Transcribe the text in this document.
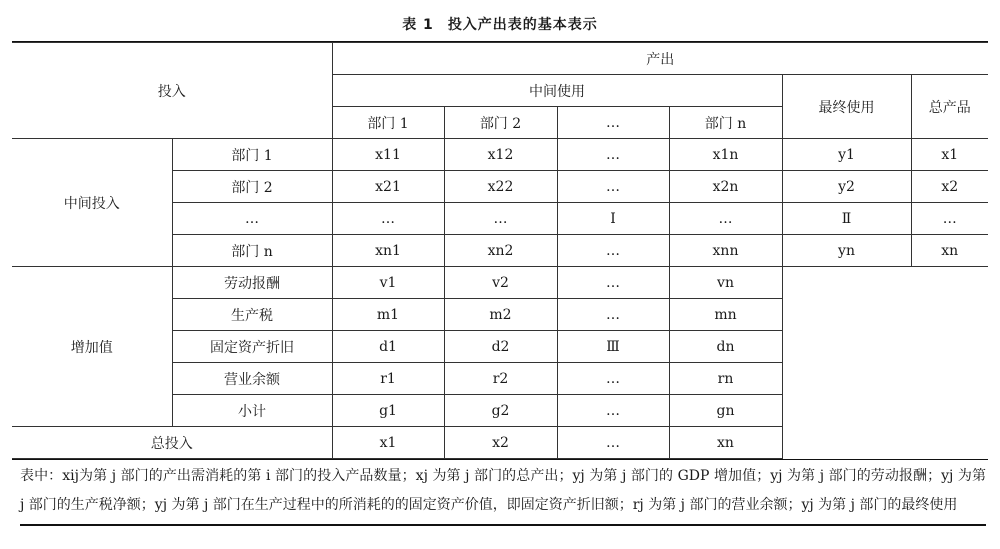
表 1 投入产出表的基本表示
投入		产出					
		中间使用				最终使用	总产品
		部门 1	部门 2	…	部门 n		
中间投入	部门 1	x11	x12	…	x1n	y1	x1
	部门 2	x21	x22	…	x2n	y2	x2
	…	…	…	Ⅰ	…	Ⅱ	…
	部门 n	xn1	xn2	…	xnn	yn	xn
增加值	劳动报酬	v1	v2	…	vn		
	生产税	m1	m2	…	mn		
	固定资产折旧	d1	d2	Ⅲ	dn		
	营业余额	r1	r2	…	rn		
	小计	g1	g2	…	gn		
总投入		x1	x2	…	xn		
表中：xij为第 j 部门的产出需消耗的第 i 部门的投入产品数量；xj 为第 j 部门的总产出；yj 为第 j 部门的 GDP 增加值；yj 为第 j 部门的劳动报酬；yj 为第 j 部门的生产税净额；yj 为第 j 部门在生产过程中的所消耗的的固定资产价值，即固定资产折旧额；rj 为第 j 部门的营业余额；yj 为第 j 部门的最终使用
